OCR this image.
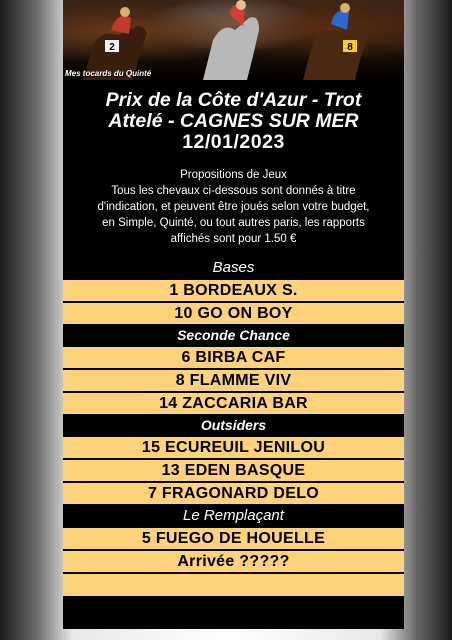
2	8
Mes tocards du Quinté
Prix de la Côte d'Azur - Trot
Attelé - CAGNES SUR MER
12/01/2023
Propositions de Jeux
Tous les chevaux ci-dessous sont donnés à titre
d'indication, et peuvent être joués selon votre budget,
en Simple, Quinté, ou tout autres paris, les rapports
affichés sont pour 1.50 €
Bases
1 BORDEAUX S.
10 GO ON BOY
Seconde Chance
6 BIRBA CAF
8 FLAMME VIV
14 ZACCARIA BAR
Outsiders
15 ECUREUIL JENILOU
13 EDEN BASQUE
7 FRAGONARD DELO
Le Remplaçant
5 FUEGO DE HOUELLE
Arrivée ?????
